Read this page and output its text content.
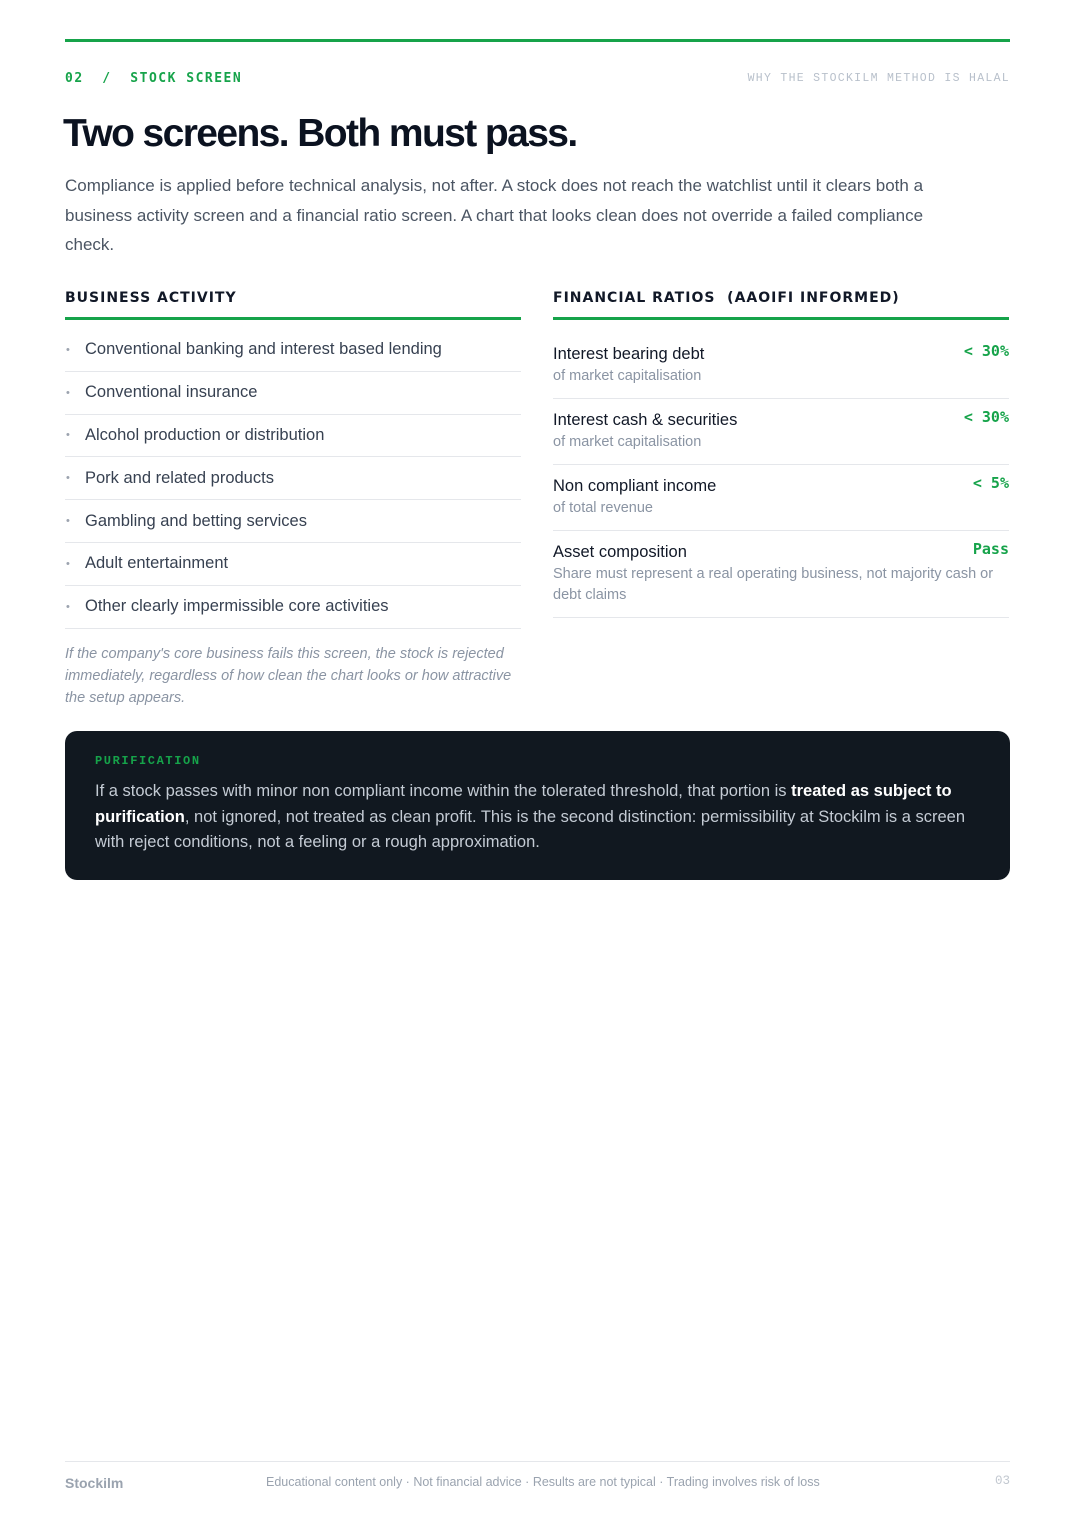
02  /  STOCK SCREEN	WHY THE STOCKILM METHOD IS HALAL
Two screens. Both must pass.

Compliance is applied before technical analysis, not after. A stock does not reach the watchlist until it clears both a business activity screen and a financial ratio screen. A chart that looks clean does not override a failed compliance check.

BUSINESS ACTIVITY
• Conventional banking and interest based lending
• Conventional insurance
• Alcohol production or distribution
• Pork and related products
• Gambling and betting services
• Adult entertainment
• Other clearly impermissible core activities

If the company's core business fails this screen, the stock is rejected immediately, regardless of how clean the chart looks or how attractive the setup appears.

FINANCIAL RATIOS  (AAOIFI INFORMED)
Interest bearing debt	< 30%
of market capitalisation
Interest cash & securities	< 30%
of market capitalisation
Non compliant income	< 5%
of total revenue
Asset composition	Pass
Share must represent a real operating business, not majority cash or debt claims
PURIFICATION

If a stock passes with minor non compliant income within the tolerated threshold, that portion is treated as subject to purification, not ignored, not treated as clean profit. This is the second distinction: permissibility at Stockilm is a screen with reject conditions, not a feeling or a rough approximation.

Stockilm	Educational content only · Not financial advice · Results are not typical · Trading involves risk of loss	03
